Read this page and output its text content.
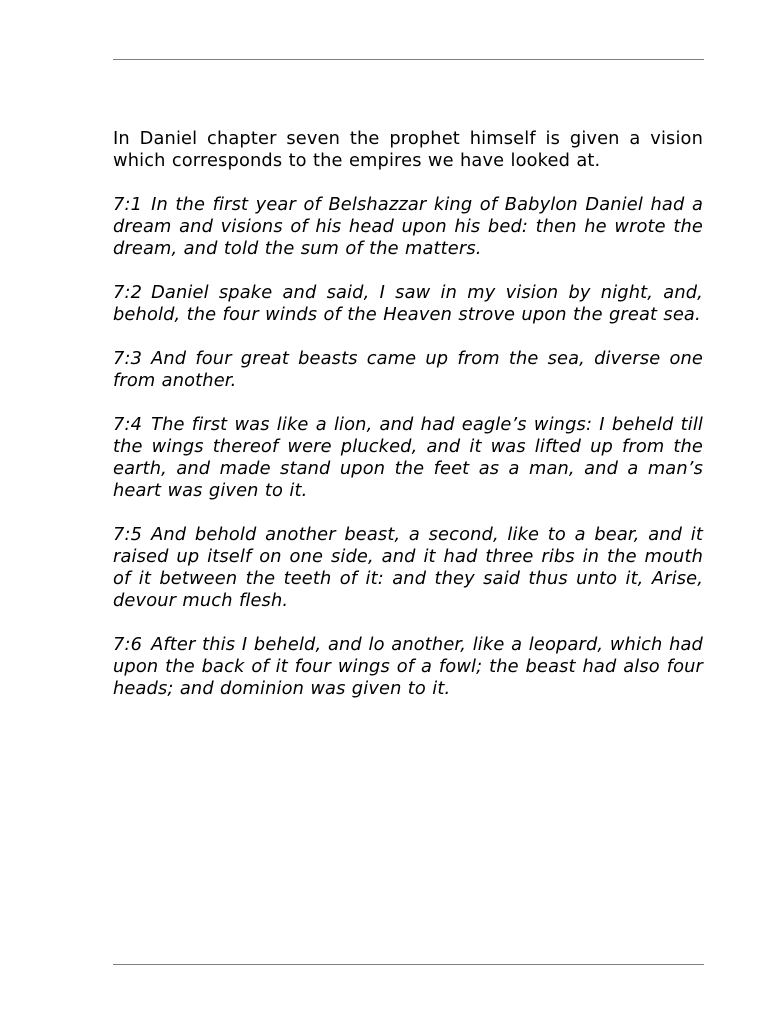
In Daniel chapter seven the prophet himself is given a vision which corresponds to the empires we have looked at.

7:1 In the first year of Belshazzar king of Babylon Daniel had a dream and visions of his head upon his bed: then he wrote the dream, and told the sum of the matters.

7:2 Daniel spake and said, I saw in my vision by night, and, behold, the four winds of the Heaven strove upon the great sea.

7:3 And four great beasts came up from the sea, diverse one from another.

7:4 The first was like a lion, and had eagle’s wings: I beheld till the wings thereof were plucked, and it was lifted up from the earth, and made stand upon the feet as a man, and a man’s heart was given to it.

7:5 And behold another beast, a second, like to a bear, and it raised up itself on one side, and it had three ribs in the mouth of it between the teeth of it: and they said thus unto it, Arise, devour much flesh.

7:6 After this I beheld, and lo another, like a leopard, which had upon the back of it four wings of a fowl; the beast had also four heads; and dominion was given to it.
